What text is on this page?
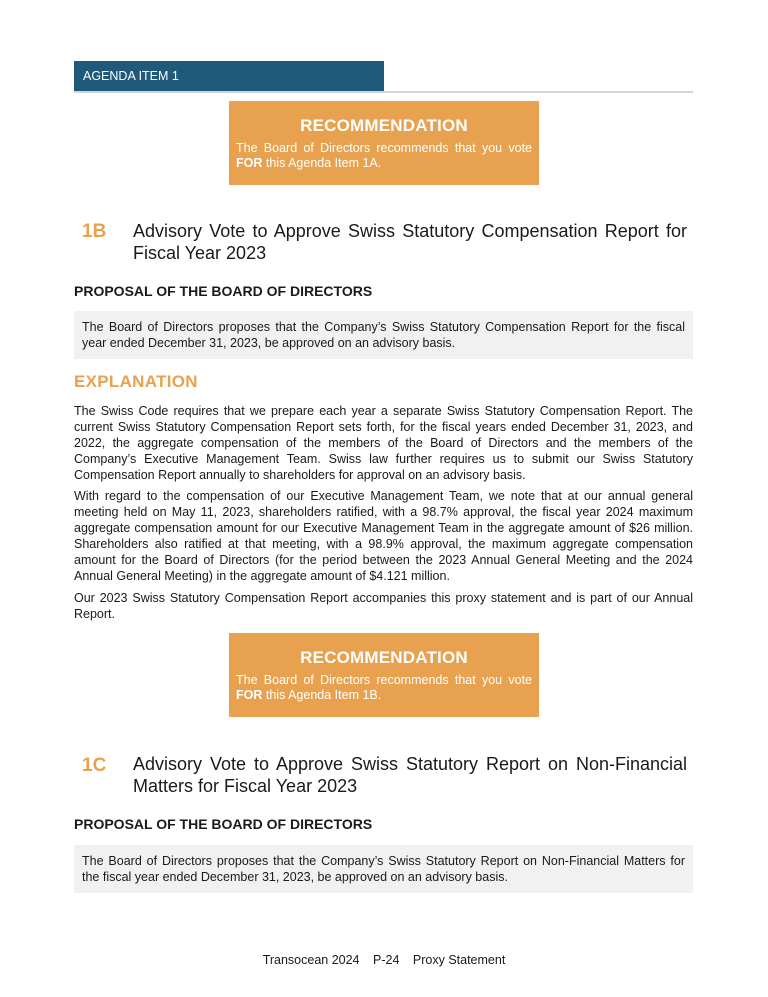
AGENDA ITEM 1
RECOMMENDATION
The Board of Directors recommends that you vote FOR this Agenda Item 1A.
1B Advisory Vote to Approve Swiss Statutory Compensation Report for Fiscal Year 2023
PROPOSAL OF THE BOARD OF DIRECTORS
The Board of Directors proposes that the Company’s Swiss Statutory Compensation Report for the fiscal year ended December 31, 2023, be approved on an advisory basis.
EXPLANATION

The Swiss Code requires that we prepare each year a separate Swiss Statutory Compensation Report. The current Swiss Statutory Compensation Report sets forth, for the fiscal years ended December 31, 2023, and 2022, the aggregate compensation of the members of the Board of Directors and the members of the Company’s Executive Management Team. Swiss law further requires us to submit our Swiss Statutory Compensation Report annually to shareholders for approval on an advisory basis.

With regard to the compensation of our Executive Management Team, we note that at our annual general meeting held on May 11, 2023, shareholders ratified, with a 98.7% approval, the fiscal year 2024 maximum aggregate compensation amount for our Executive Management Team in the aggregate amount of $26 million. Shareholders also ratified at that meeting, with a 98.9% approval, the maximum aggregate compensation amount for the Board of Directors (for the period between the 2023 Annual General Meeting and the 2024 Annual General Meeting) in the aggregate amount of $4.121 million.

Our 2023 Swiss Statutory Compensation Report accompanies this proxy statement and is part of our Annual Report.

RECOMMENDATION
The Board of Directors recommends that you vote FOR this Agenda Item 1B.
1C Advisory Vote to Approve Swiss Statutory Report on Non-Financial Matters for Fiscal Year 2023
PROPOSAL OF THE BOARD OF DIRECTORS
The Board of Directors proposes that the Company’s Swiss Statutory Report on Non-Financial Matters for the fiscal year ended December 31, 2023, be approved on an advisory basis.
Transocean 2024 P-24 Proxy Statement
